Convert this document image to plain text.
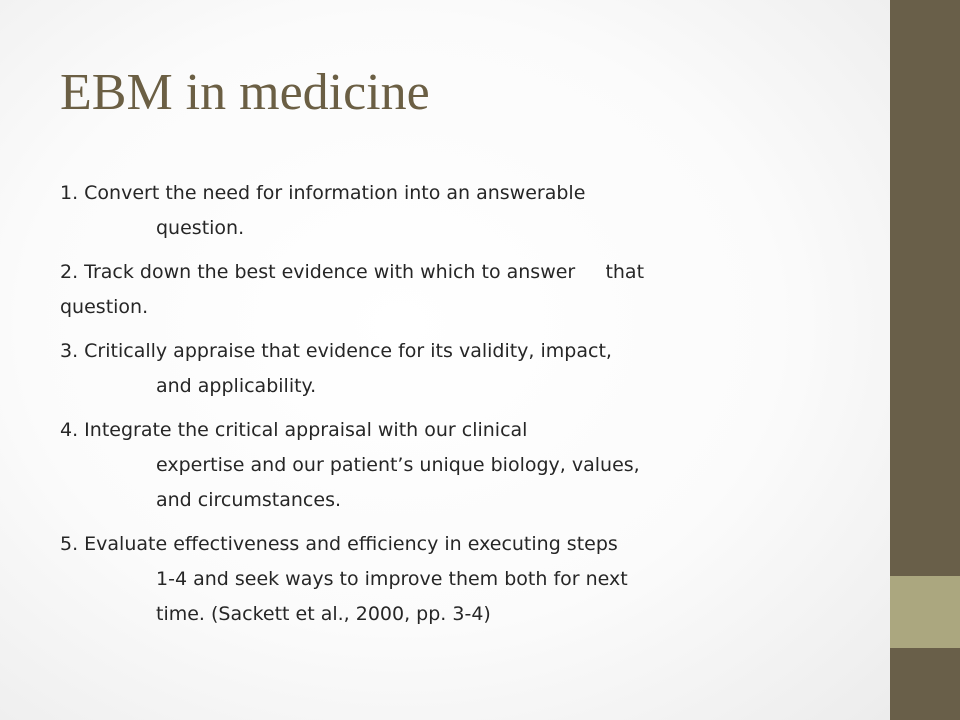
EBM in medicine
1. Convert the need for information into an answerable
question.
2. Track down the best evidence with which to answer     that
question.
3. Critically appraise that evidence for its validity, impact,
and applicability.
4. Integrate the critical appraisal with our clinical
expertise and our patient’s unique biology, values,
and circumstances.
5. Evaluate effectiveness and efficiency in executing steps
1-4 and seek ways to improve them both for next
time. (Sackett et al., 2000, pp. 3-4)
